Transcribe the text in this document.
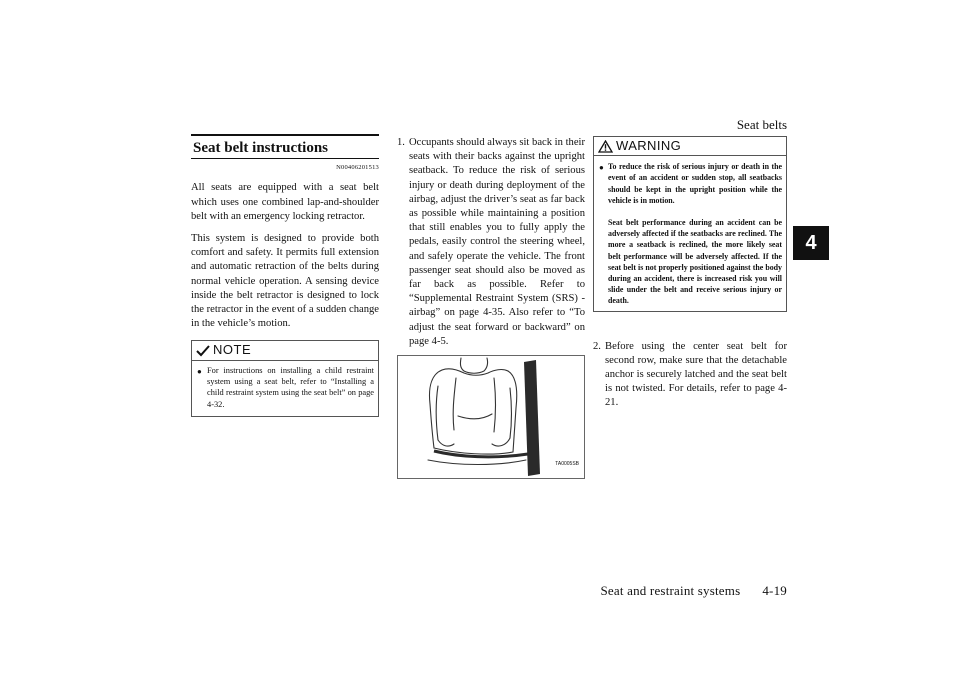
Seat belts
4
Seat belt instructions
N00406201513

All seats are equipped with a seat belt which uses one combined lap-and-shoulder belt with an emergency locking retractor.

This system is designed to provide both comfort and safety. It permits full extension and automatic retraction of the belts during normal vehicle operation. A sensing device inside the belt retractor is designed to lock the retractor in the event of a sudden change in the vehicle’s motion.

NOTE
● For instructions on installing a child restraint system using a seat belt, refer to “Installing a child restraint system using the seat belt” on page 4-32.
1. Occupants should always sit back in their seats with their backs against the upright seatback. To reduce the risk of serious injury or death during deployment of the airbag, adjust the driver’s seat as far back as possible while maintaining a position that still enables you to fully apply the pedals, easily control the steering wheel, and safely operate the vehicle. The front passenger seat should also be moved as far back as possible. Refer to “Supplemental Restraint System (SRS) - airbag” on page 4-35. Also refer to “To adjust the seat forward or backward” on page 4-5.
TA0005SB
WARNING
● To reduce the risk of serious injury or death in the event of an accident or sudden stop, all seatbacks should be kept in the upright position while the vehicle is in motion.
Seat belt performance during an accident can be adversely affected if the seatbacks are reclined. The more a seatback is reclined, the more likely seat belt performance will be adversely affected. If the seat belt is not properly positioned against the body during an accident, there is increased risk you will slide under the belt and receive serious injury or death.
2. Before using the center seat belt for second row, make sure that the detachable anchor is securely latched and the seat belt is not twisted. For details, refer to page 4-21.
Seat and restraint systems 4-19
